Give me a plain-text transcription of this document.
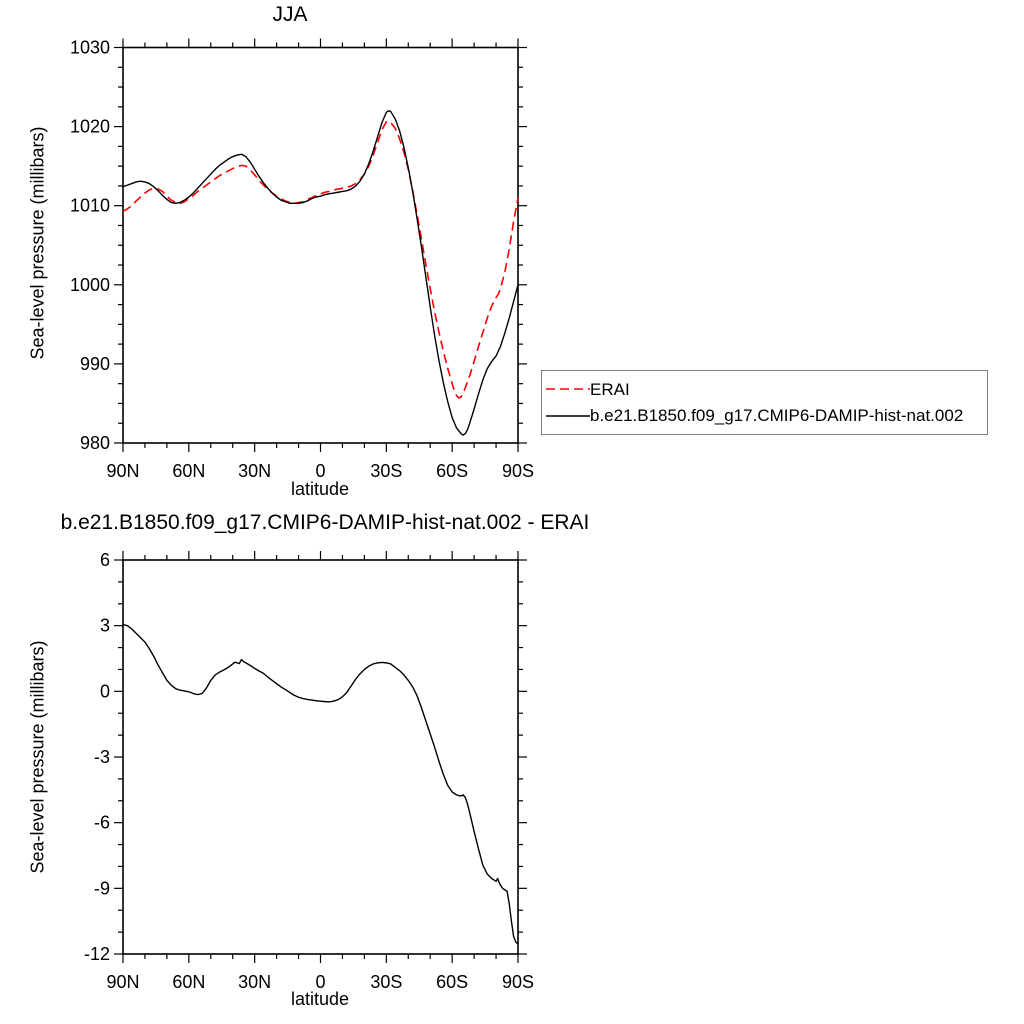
90N 60N 30N 0 30S 60S 90S
980
990
1000
1010
1020
1030
90N 60N 30N 0 30S 60S 90S
-12
-9
-6
-3
0
3
6
JJA
Sea-level pressure (millibars)
latitude
b.e21.B1850.f09_g17.CMIP6-DAMIP-hist-nat.002 - ERAI
Sea-level pressure (millibars)
latitude
ERAI
b.e21.B1850.f09_g17.CMIP6-DAMIP-hist-nat.002
